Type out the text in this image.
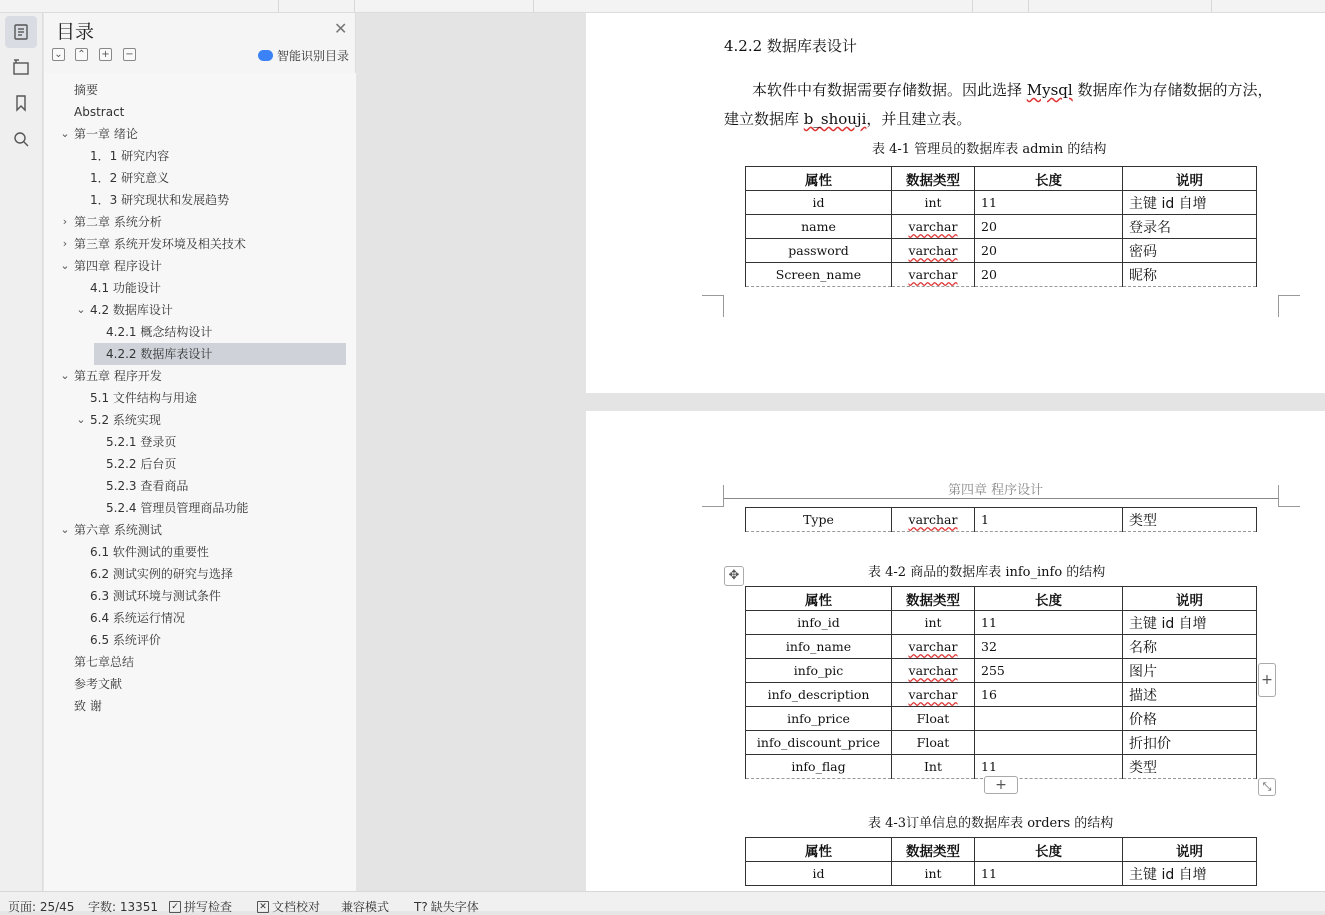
目录	✕
⌄ ⌃ + −	智能识别目录
摘要
Abstract
第一章 绪论
⌄
1．1 研究内容
1．2 研究意义
1．3 研究现状和发展趋势
第二章 系统分析
›
第三章 系统开发环境及相关技术
›
第四章 程序设计
⌄
4.1 功能设计
4.2 数据库设计
⌄
4.2.1 概念结构设计
4.2.2 数据库表设计
第五章 程序开发
⌄
5.1 文件结构与用途
5.2 系统实现
⌄
5.2.1 登录页
5.2.2 后台页
5.2.3 查看商品
5.2.4 管理员管理商品功能
第六章 系统测试
⌄
6.1 软件测试的重要性
6.2 测试实例的研究与选择
6.3 测试环境与测试条件
6.4 系统运行情况
6.5 系统评价
第七章总结
参考文献
致 谢
4.2.2 数据库表设计
本软件中有数据需要存储数据。因此选择 Mysql 数据库作为存储数据的方法，
建立数据库 b_shouji，并且建立表。
表 4-1 管理员的数据库表 admin 的结构
属性	数据类型	长度	说明
id	int	11	主键 id 自增
name	varchar	20	登录名
password	varchar	20	密码
Screen_name	varchar	20	昵称
第四章 程序设计
Type	varchar	1	类型
表 4-2 商品的数据库表 info_info 的结构
✥
属性	数据类型	长度	说明
info_id	int	11	主键 id 自增
info_name	varchar	32	名称
info_pic	varchar	255	图片
info_description	varchar	16	描述
info_price	Float		价格
info_discount_price	Float		折扣价
info_flag	Int	11	类型
+
+	⤡
表 4-3订单信息的数据库表 orders 的结构
属性	数据类型	长度	说明
id	int	11	主键 id 自增
页面: 25/45 字数: 13351 ✓ 拼写检查	✕ 文档校对 兼容模式 T? 缺失字体
